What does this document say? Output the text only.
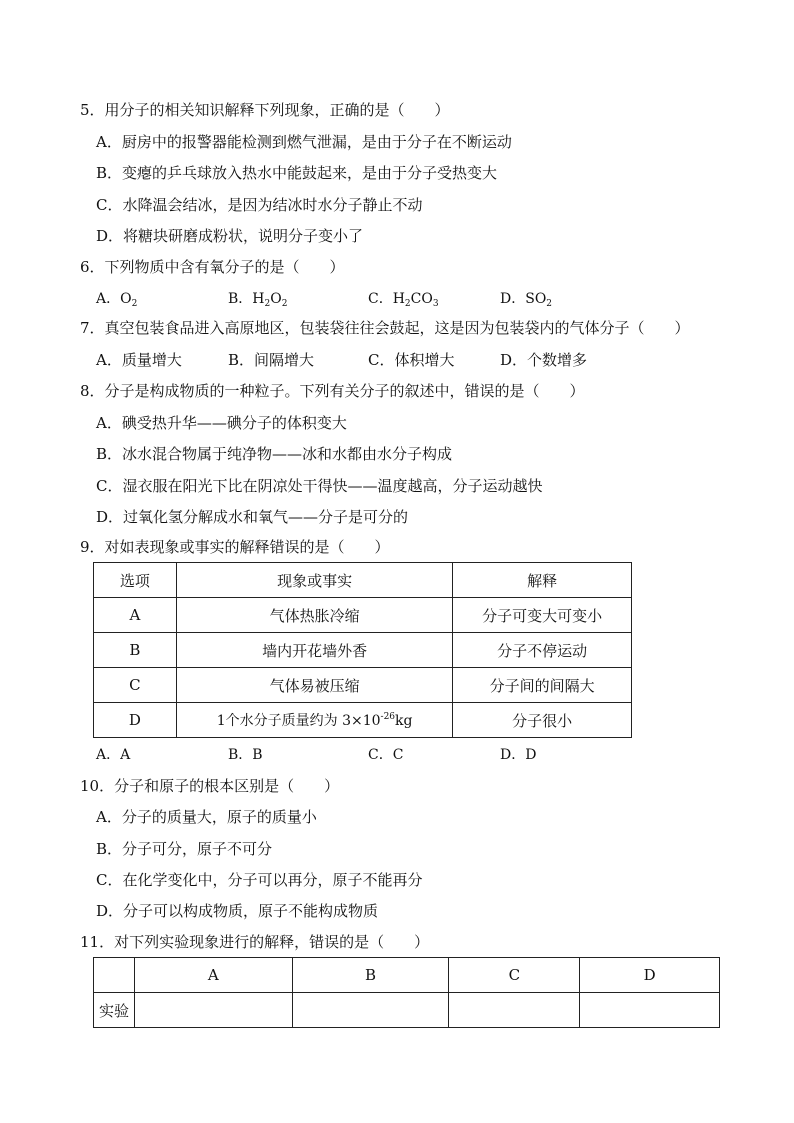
5．用分子的相关知识解释下列现象，正确的是（　　）
A．厨房中的报警器能检测到燃气泄漏，是由于分子在不断运动
B．变瘪的乒乓球放入热水中能鼓起来，是由于分子受热变大
C．水降温会结冰，是因为结冰时水分子静止不动
D．将糖块研磨成粉状，说明分子变小了
6．下列物质中含有氧分子的是（　　）
A．$O_2$	B．$H_2O_2$	C．$H_2CO_3$	D．$SO_2$
7．真空包装食品进入高原地区，包装袋往往会鼓起，这是因为包装袋内的气体分子（　　）
A．质量增大	B．间隔增大	C．体积增大	D．个数增多
8．分子是构成物质的一种粒子。下列有关分子的叙述中，错误的是（　　）
A．碘受热升华——碘分子的体积变大
B．冰水混合物属于纯净物——冰和水都由水分子构成
C．湿衣服在阳光下比在阴凉处干得快——温度越高，分子运动越快
D．过氧化氢分解成水和氧气——分子是可分的
9．对如表现象或事实的解释错误的是（　　）
选项	现象或事实	解释
A	气体热胀冷缩	分子可变大可变小
B	墙内开花墙外香	分子不停运动
C	气体易被压缩	分子间的间隔大
D	1个水分子质量约为 $3\times 10^{-26}kg$	分子很小
A．A	B．B	C．C	D．D
10．分子和原子的根本区别是（　　）
A．分子的质量大，原子的质量小
B．分子可分，原子不可分
C．在化学变化中，分子可以再分，原子不能再分
D．分子可以构成物质，原子不能构成物质
11．对下列实验现象进行的解释，错误的是（　　）
	A	B	C	D
实验				
